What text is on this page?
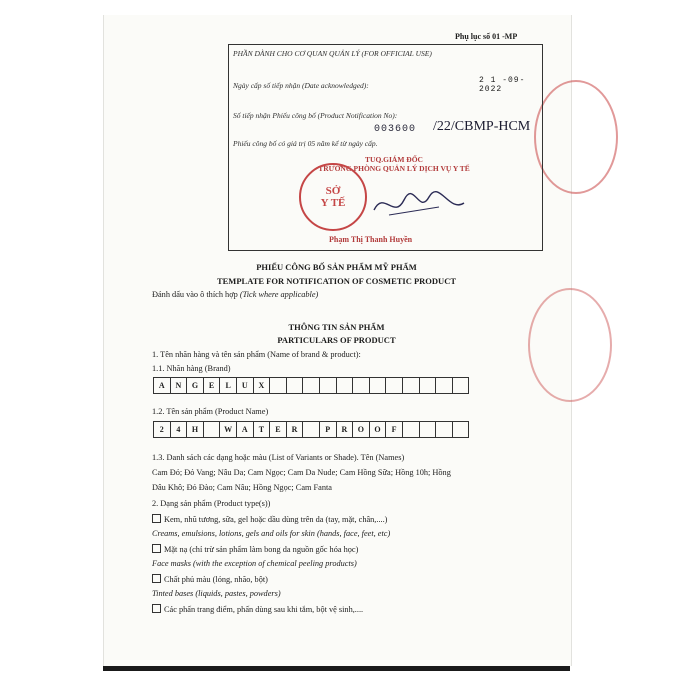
Phụ lục số 01 -MP
PHẦN DÀNH CHO CƠ QUAN QUẢN LÝ (FOR OFFICIAL USE)
Ngày cấp số tiếp nhận (Date acknowledged):
2 1 -09- 2022
Số tiếp nhận Phiếu công bố (Product Notification No):
003600 /22/CBMP-HCM
Phiếu công bố có giá trị 05 năm kể từ ngày cấp.
TUQ.GIÁM ĐỐC
TRƯỞNG PHÒNG QUẢN LÝ DỊCH VỤ Y TẾ
SỞ
Y TẾ
Phạm Thị Thanh Huyền
PHIẾU CÔNG BỐ SẢN PHẨM MỸ PHẨM
TEMPLATE FOR NOTIFICATION OF COSMETIC PRODUCT
Đánh dấu vào ô thích hợp (Tick where applicable)
THÔNG TIN SẢN PHẨM
PARTICULARS OF PRODUCT
1. Tên nhãn hàng và tên sản phẩm (Name of brand & product):
1.1. Nhãn hàng (Brand)
A	N	G	E	L	U	X
1.2. Tên sản phẩm (Product Name)
2	4	H	W	A	T	E	R	P	R	O	O	F
1.3. Danh sách các dạng hoặc màu (List of Variants or Shade). Tên (Names)
Cam Đỏ; Đỏ Vang; Nâu Da; Cam Ngọc; Cam Da Nude; Cam Hồng Sữa; Hồng 10h; Hồng
Dâu Khô; Đỏ Đào; Cam Nâu; Hồng Ngọc; Cam Fanta
2. Dạng sản phẩm (Product type(s))
Kem, nhũ tương, sữa, gel hoặc dầu dùng trên da (tay, mặt, chân,....)
Creams, emulsions, lotions, gels and oils for skin (hands, face, feet, etc)
Mặt nạ (chỉ trừ sản phẩm làm bong da nguồn gốc hóa học)
Face masks (with the exception of chemical peeling products)
Chất phủ màu (lỏng, nhão, bột)
Tinted bases (liquids, pastes, powders)
Các phấn trang điểm, phấn dùng sau khi tắm, bột vệ sinh,....
